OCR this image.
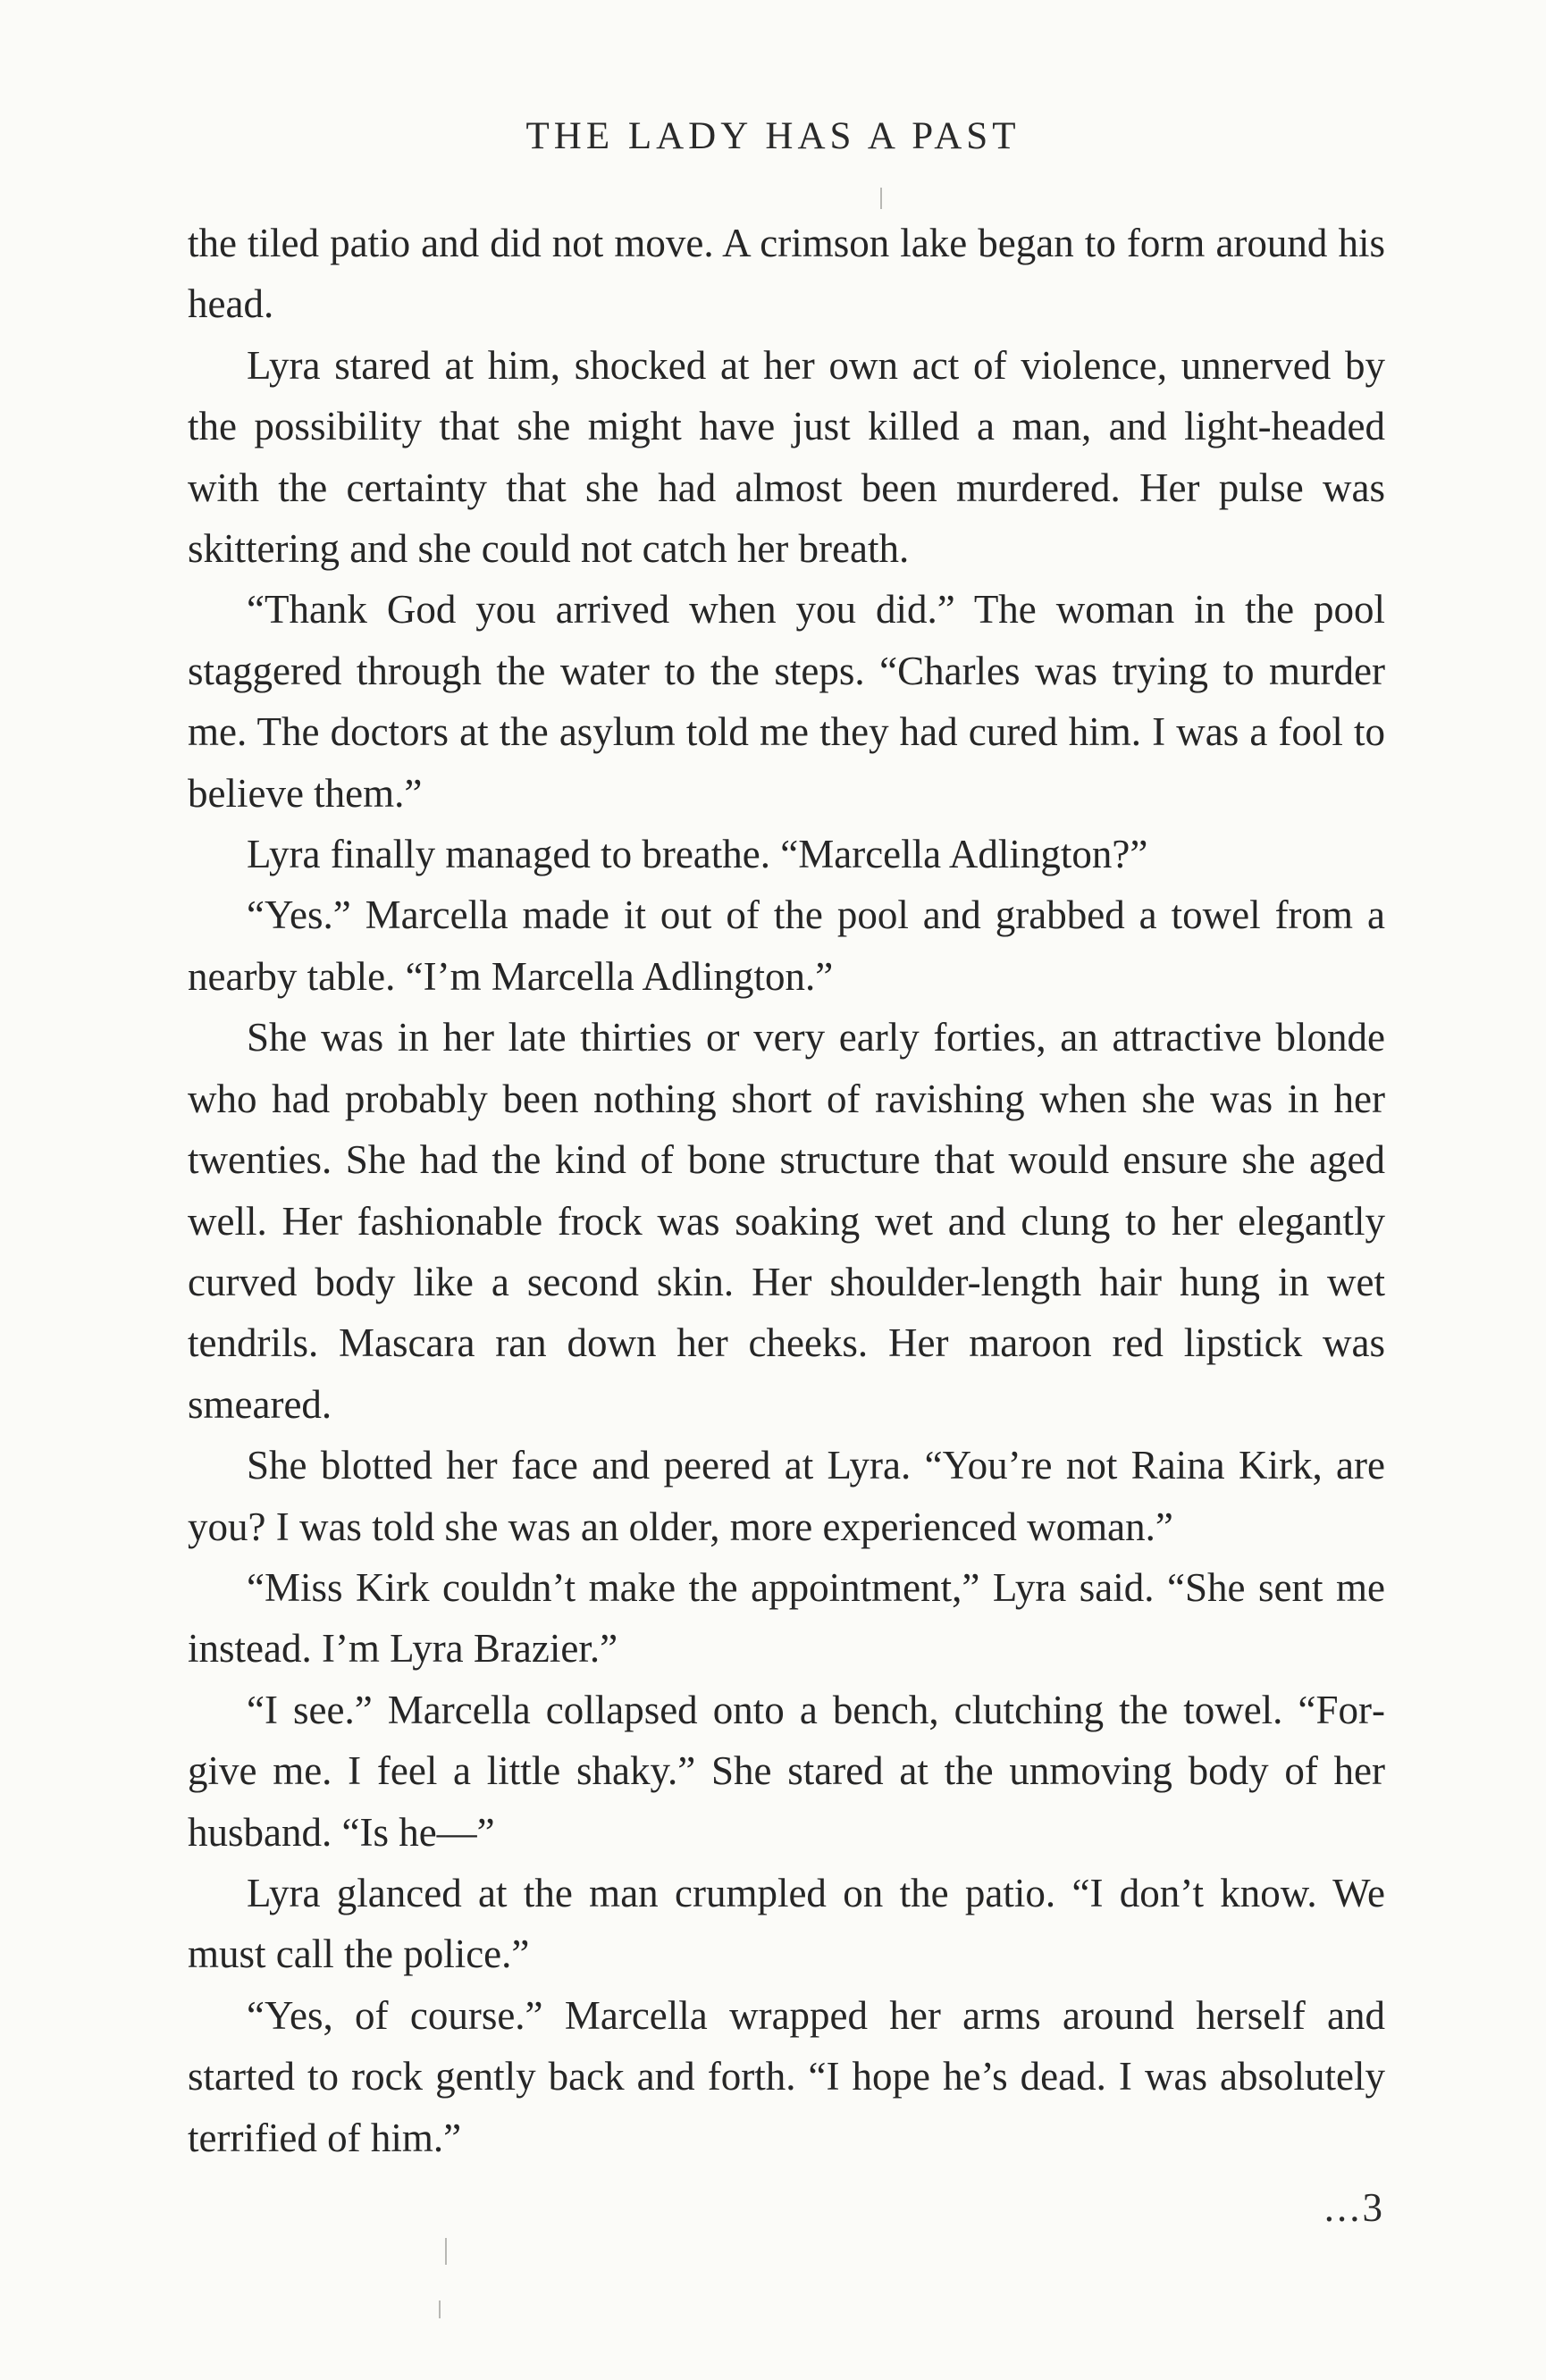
THE LADY HAS A PAST

the tiled patio and did not move. A crimson lake began to form around his head.

Lyra stared at him, shocked at her own act of violence, unnerved by the possibility that she might have just killed a man, and light-headed with the certainty that she had almost been murdered. Her pulse was skittering and she could not catch her breath.

“Thank God you arrived when you did.” The woman in the pool staggered through the water to the steps. “Charles was trying to murder me. The doctors at the asylum told me they had cured him. I was a fool to believe them.”

Lyra finally managed to breathe. “Marcella Adlington?”

“Yes.” Marcella made it out of the pool and grabbed a towel from a nearby table. “I’m Marcella Adlington.”

She was in her late thirties or very early forties, an attractive blonde who had probably been nothing short of ravishing when she was in her twenties. She had the kind of bone structure that would ensure she aged well. Her fashionable frock was soaking wet and clung to her elegantly curved body like a second skin. Her shoulder-length hair hung in wet tendrils. Mascara ran down her cheeks. Her maroon red lipstick was smeared.

She blotted her face and peered at Lyra. “You’re not Raina Kirk, are you? I was told she was an older, more experienced woman.”

“Miss Kirk couldn’t make the appointment,” Lyra said. “She sent me instead. I’m Lyra Brazier.”

“I see.” Marcella collapsed onto a bench, clutching the towel. “Forgive me. I feel a little shaky.” She stared at the unmoving body of her husband. “Is he—”

Lyra glanced at the man crumpled on the patio. “I don’t know. We must call the police.”

“Yes, of course.” Marcella wrapped her arms around herself and started to rock gently back and forth. “I hope he’s dead. I was absolutely terrified of him.”

...3
